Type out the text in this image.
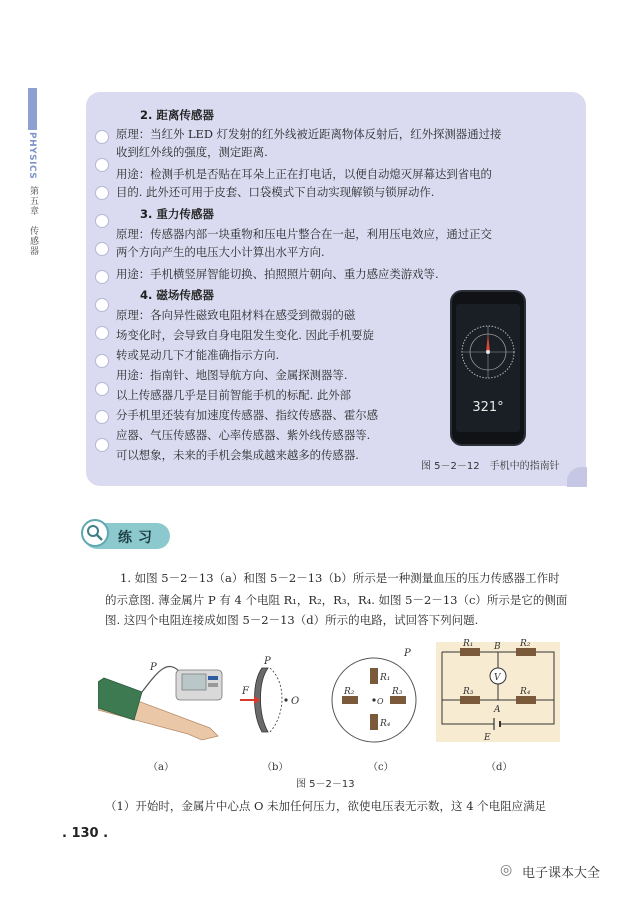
PHYSICS
第五章　传感器
2. 距离传感器
原理：当红外 LED 灯发射的红外线被近距离物体反射后，红外探测器通过接
收到红外线的强度，测定距离.
用途：检测手机是否贴在耳朵上正在打电话，以便自动熄灭屏幕达到省电的
目的. 此外还可用于皮套、口袋模式下自动实现解锁与锁屏动作.
3. 重力传感器
原理：传感器内部一块重物和压电片整合在一起，利用压电效应，通过正交
两个方向产生的电压大小计算出水平方向.
用途：手机横竖屏智能切换、拍照照片朝向、重力感应类游戏等.
4. 磁场传感器
原理：各向异性磁致电阻材料在感受到微弱的磁
场变化时，会导致自身电阻发生变化. 因此手机要旋
转或晃动几下才能准确指示方向.
用途：指南针、地图导航方向、金属探测器等.
以上传感器几乎是目前智能手机的标配. 此外部
分手机里还装有加速度传感器、指纹传感器、霍尔感
应器、气压传感器、心率传感器、紫外线传感器等.
可以想象，未来的手机会集成越来越多的传感器.
321°
图 5－2－12　手机中的指南针
练习
1. 如图 5－2－13（a）和图 5－2－13（b）所示是一种测量血压的压力传感器工作时
的示意图. 薄金属片 P 有 4 个电阻 R₁，R₂，R₃，R₄. 如图 5－2－13（c）所示是它的侧面
图. 这四个电阻连接成如图 5－2－13（d）所示的电路，试回答下列问题.
P
P
F
O
P
R₁
R₂	R₃
R₄
O
R₁	R₂
R₃	R₄
B
A
V
E
（a）	（b）	（c）	（d）
图 5－2－13
（1）开始时，金属片中心点 O 未加任何压力，欲使电压表无示数，这 4 个电阻应满足
. 130 .
◎ 电子课本大全
